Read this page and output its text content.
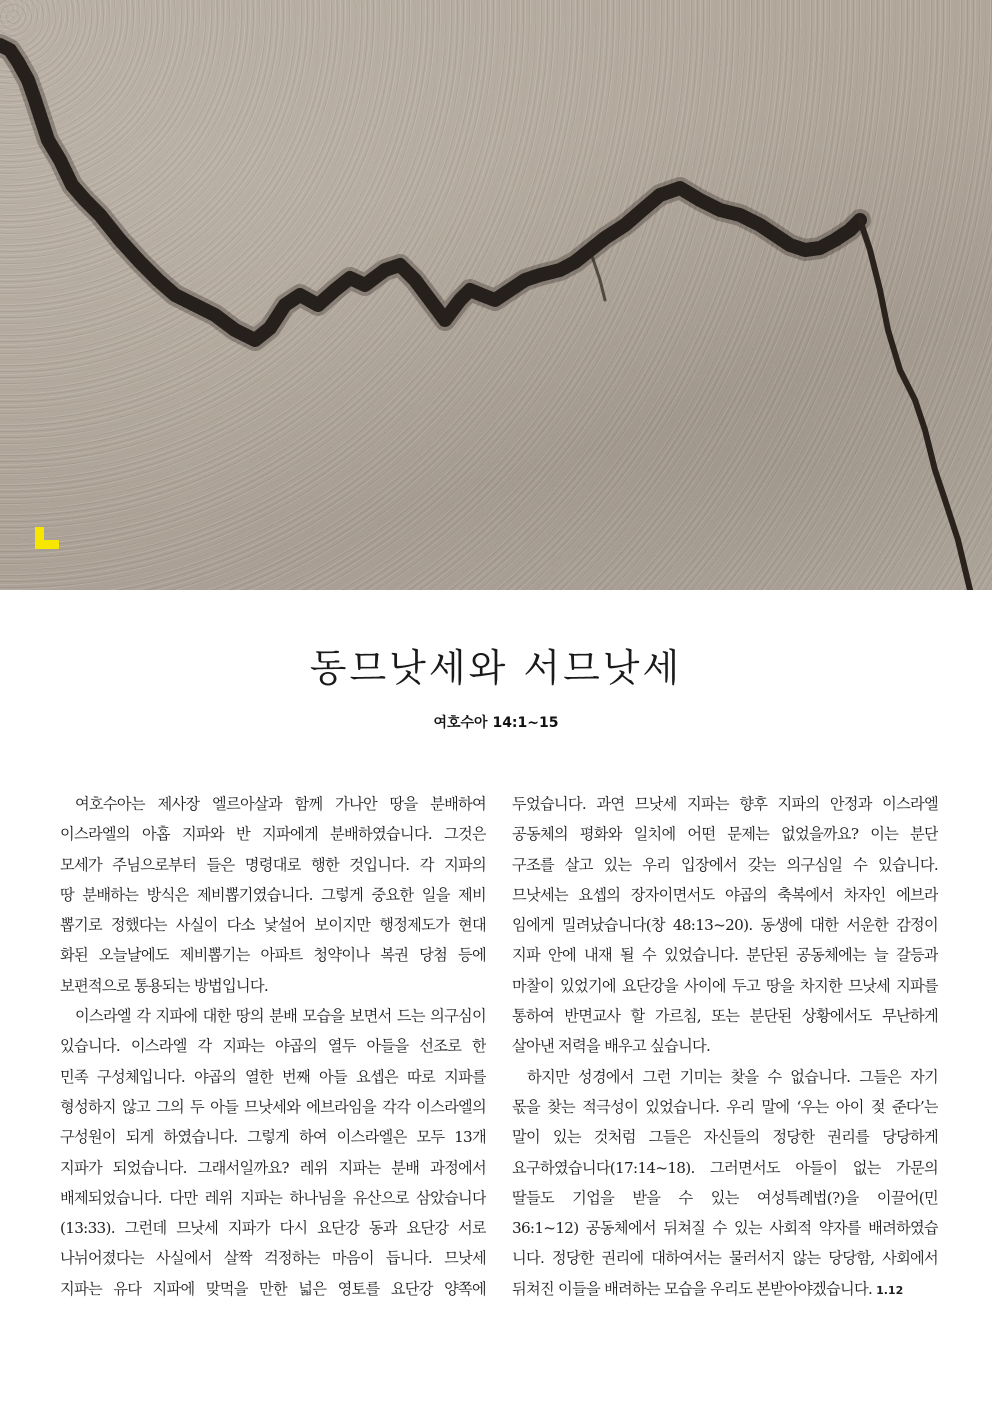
동므낫세와 서므낫세
여호수아 14:1~15
여호수아는 제사장 엘르아살과 함께 가나안 땅을 분배하여
이스라엘의 아홉 지파와 반 지파에게 분배하였습니다. 그것은
모세가 주님으로부터 들은 명령대로 행한 것입니다. 각 지파의
땅 분배하는 방식은 제비뽑기였습니다. 그렇게 중요한 일을 제비
뽑기로 정했다는 사실이 다소 낯설어 보이지만 행정제도가 현대
화된 오늘날에도 제비뽑기는 아파트 청약이나 복권 당첨 등에
보편적으로 통용되는 방법입니다.
이스라엘 각 지파에 대한 땅의 분배 모습을 보면서 드는 의구심이
있습니다. 이스라엘 각 지파는 야곱의 열두 아들을 선조로 한
민족 구성체입니다. 야곱의 열한 번째 아들 요셉은 따로 지파를
형성하지 않고 그의 두 아들 므낫세와 에브라임을 각각 이스라엘의
구성원이 되게 하였습니다. 그렇게 하여 이스라엘은 모두 13개
지파가 되었습니다. 그래서일까요? 레위 지파는 분배 과정에서
배제되었습니다. 다만 레위 지파는 하나님을 유산으로 삼았습니다
(13:33). 그런데 므낫세 지파가 다시 요단강 동과 요단강 서로
나뉘어졌다는 사실에서 살짝 걱정하는 마음이 듭니다. 므낫세
지파는 유다 지파에 맞먹을 만한 넓은 영토를 요단강 양쪽에
두었습니다. 과연 므낫세 지파는 향후 지파의 안정과 이스라엘
공동체의 평화와 일치에 어떤 문제는 없었을까요? 이는 분단
구조를 살고 있는 우리 입장에서 갖는 의구심일 수 있습니다.
므낫세는 요셉의 장자이면서도 야곱의 축복에서 차자인 에브라
임에게 밀려났습니다(창 48:13~20). 동생에 대한 서운한 감정이
지파 안에 내재 될 수 있었습니다. 분단된 공동체에는 늘 갈등과
마찰이 있었기에 요단강을 사이에 두고 땅을 차지한 므낫세 지파를
통하여 반면교사 할 가르침, 또는 분단된 상황에서도 무난하게
살아낸 저력을 배우고 싶습니다.
하지만 성경에서 그런 기미는 찾을 수 없습니다. 그들은 자기
몫을 찾는 적극성이 있었습니다. 우리 말에 ‘우는 아이 젖 준다’는
말이 있는 것처럼 그들은 자신들의 정당한 권리를 당당하게
요구하였습니다(17:14~18). 그러면서도 아들이 없는 가문의
딸들도 기업을 받을 수 있는 여성특례법(?)을 이끌어(민
36:1~12) 공동체에서 뒤쳐질 수 있는 사회적 약자를 배려하였습
니다. 정당한 권리에 대하여서는 물러서지 않는 당당함, 사회에서
뒤쳐진 이들을 배려하는 모습을 우리도 본받아야겠습니다. 1.12
